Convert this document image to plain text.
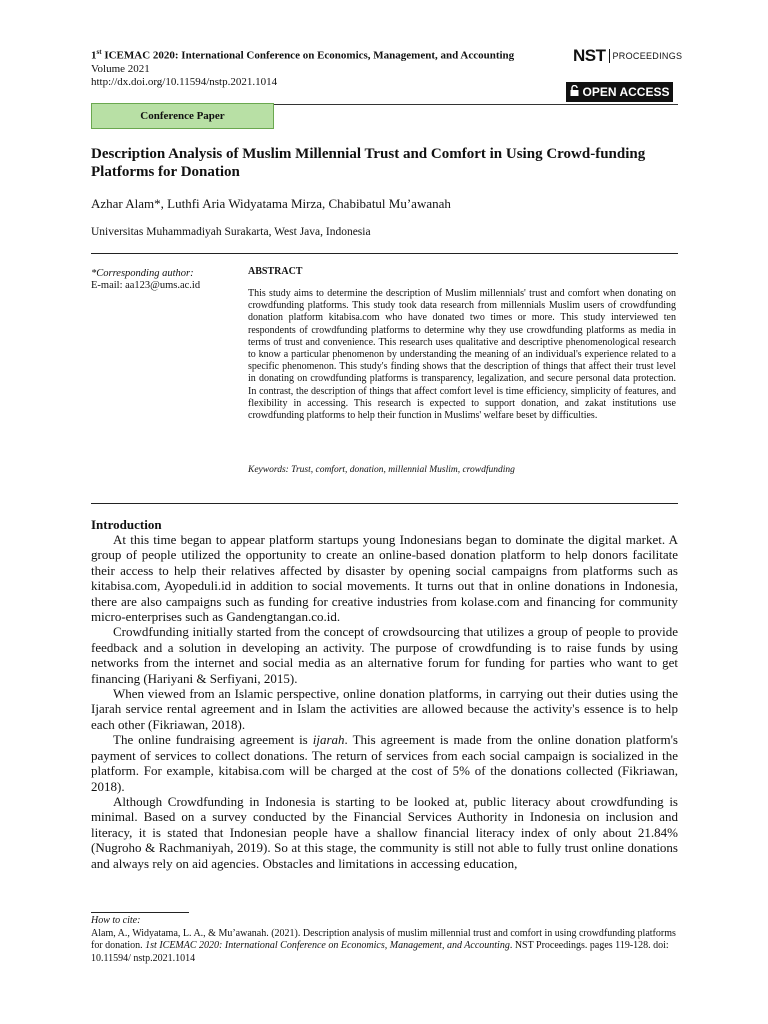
1st ICEMAC 2020: International Conference on Economics, Management, and Accounting
Volume 2021
http://dx.doi.org/10.11594/nstp.2021.1014
NST PROCEEDINGS
OPEN ACCESS
Conference Paper
Description Analysis of Muslim Millennial Trust and Comfort in Using Crowd-funding Platforms for Donation
Azhar Alam*, Luthfi Aria Widyatama Mirza, Chabibatul Mu’awanah
Universitas Muhammadiyah Surakarta, West Java, Indonesia
*Corresponding author:
E-mail: aa123@ums.ac.id
ABSTRACT
This study aims to determine the description of Muslim millennials' trust and comfort when donating on crowdfunding platforms. This study took data research from millennials Muslim users of crowdfunding donation platform kitabisa.com who have donated two times or more. This study interviewed ten respondents of crowdfunding platforms to determine why they use crowdfunding platforms as media in terms of trust and convenience. This research uses qualitative and descriptive phenomenological research to know a particular phenomenon by understanding the meaning of an individual's experience related to a specific phenomenon. This study's finding shows that the description of things that affect their trust level in donating on crowdfunding platforms is transparency, legalization, and secure personal data protection. In contrast, the description of things that affect comfort level is time efficiency, simplicity of features, and flexibility in accessing. This research is expected to support donation, and zakat institutions use crowdfunding platforms to help their function in Muslims' welfare beset by difficulties.
Keywords: Trust, comfort, donation, millennial Muslim, crowdfunding
Introduction

At this time began to appear platform startups young Indonesians began to dominate the digital market. A group of people utilized the opportunity to create an online-based donation platform to help donors facilitate their access to help their relatives affected by disaster by opening social campaigns from platforms such as kitabisa.com, Ayopeduli.id in addition to social movements. It turns out that in online donations in Indonesia, there are also campaigns such as funding for creative industries from kolase.com and financing for community micro-enterprises such as Gandengtangan.co.id.

Crowdfunding initially started from the concept of crowdsourcing that utilizes a group of people to provide feedback and a solution in developing an activity. The purpose of crowdfunding is to raise funds by using networks from the internet and social media as an alternative forum for funding for parties who want to get financing (Hariyani & Serfiyani, 2015).

When viewed from an Islamic perspective, online donation platforms, in carrying out their duties using the Ijarah service rental agreement and in Islam the activities are allowed because the activity's essence is to help each other (Fikriawan, 2018).

The online fundraising agreement is ijarah. This agreement is made from the online donation platform's payment of services to collect donations. The return of services from each social campaign is socialized in the platform. For example, kitabisa.com will be charged at the cost of 5% of the donations collected (Fikriawan, 2018).

Although Crowdfunding in Indonesia is starting to be looked at, public literacy about crowdfunding is minimal. Based on a survey conducted by the Financial Services Authority in Indonesia on inclusion and literacy, it is stated that Indonesian people have a shallow financial literacy index of only about 21.84% (Nugroho & Rachmaniyah, 2019). So at this stage, the community is still not able to fully trust online donations and always rely on aid agencies. Obstacles and limitations in accessing education,

How to cite:
Alam, A., Widyatama, L. A., & Mu’awanah. (2021). Description analysis of muslim millennial trust and comfort in using crowdfunding platforms for donation. 1st ICEMAC 2020: International Conference on Economics, Management, and Accounting. NST Proceedings. pages 119-128. doi: 10.11594/ nstp.2021.1014
